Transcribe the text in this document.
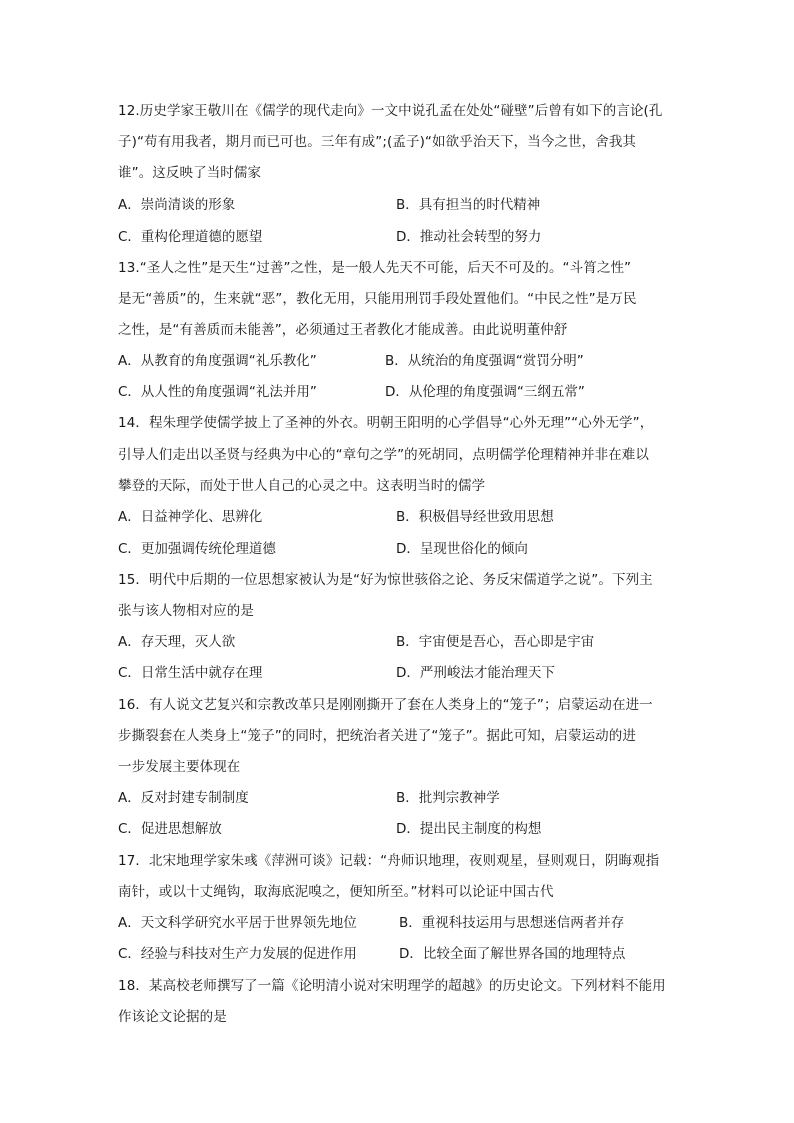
12.历史学家王敬川在《儒学的现代走向》一文中说孔孟在处处“碰壁”后曾有如下的言论(孔
子)“苟有用我者，期月而已可也。三年有成”;(孟子)“如欲乎治天下，当今之世，舍我其
谁”。这反映了当时儒家
A．崇尚清谈的形象	B．具有担当的时代精神
C．重构伦理道德的愿望	D．推动社会转型的努力
13.“圣人之性”是天生“过善”之性，是一般人先天不可能，后天不可及的。“斗筲之性”
是无“善质”的，生来就“恶”，教化无用，只能用刑罚手段处置他们。“中民之性”是万民
之性，是“有善质而未能善”，必须通过王者教化才能成善。由此说明董仲舒
A．从教育的角度强调“礼乐教化”	B．从统治的角度强调“赏罚分明”
C．从人性的角度强调“礼法并用”	D．从伦理的角度强调“三纲五常”
14．程朱理学使儒学披上了圣神的外衣。明朝王阳明的心学倡导“心外无理”“心外无学”，
引导人们走出以圣贤与经典为中心的“章句之学”的死胡同，点明儒学伦理精神并非在难以
攀登的天际，而处于世人自己的心灵之中。这表明当时的儒学
A．日益神学化、思辨化	B．积极倡导经世致用思想
C．更加强调传统伦理道德	D．呈现世俗化的倾向
15．明代中后期的一位思想家被认为是“好为惊世骇俗之论、务反宋儒道学之说”。下列主
张与该人物相对应的是
A．存天理，灭人欲	B．宇宙便是吾心，吾心即是宇宙
C．日常生活中就存在理	D．严刑峻法才能治理天下
16．有人说文艺复兴和宗教改革只是刚刚撕开了套在人类身上的“笼子”；启蒙运动在进一
步撕裂套在人类身上“笼子”的同时，把统治者关进了“笼子”。据此可知，启蒙运动的进
一步发展主要体现在
A．反对封建专制制度	B．批判宗教神学
C．促进思想解放	D．提出民主制度的构想
17．北宋地理学家朱彧《萍洲可谈》记载：“舟师识地理，夜则观星，昼则观日，阴晦观指
南针，或以十丈绳钩，取海底泥嗅之，便知所至。”材料可以论证中国古代
A．天文科学研究水平居于世界领先地位	B．重视科技运用与思想迷信两者并存
C．经验与科技对生产力发展的促进作用	D．比较全面了解世界各国的地理特点
18．某高校老师撰写了一篇《论明清小说对宋明理学的超越》的历史论文。下列材料不能用
作该论文论据的是
